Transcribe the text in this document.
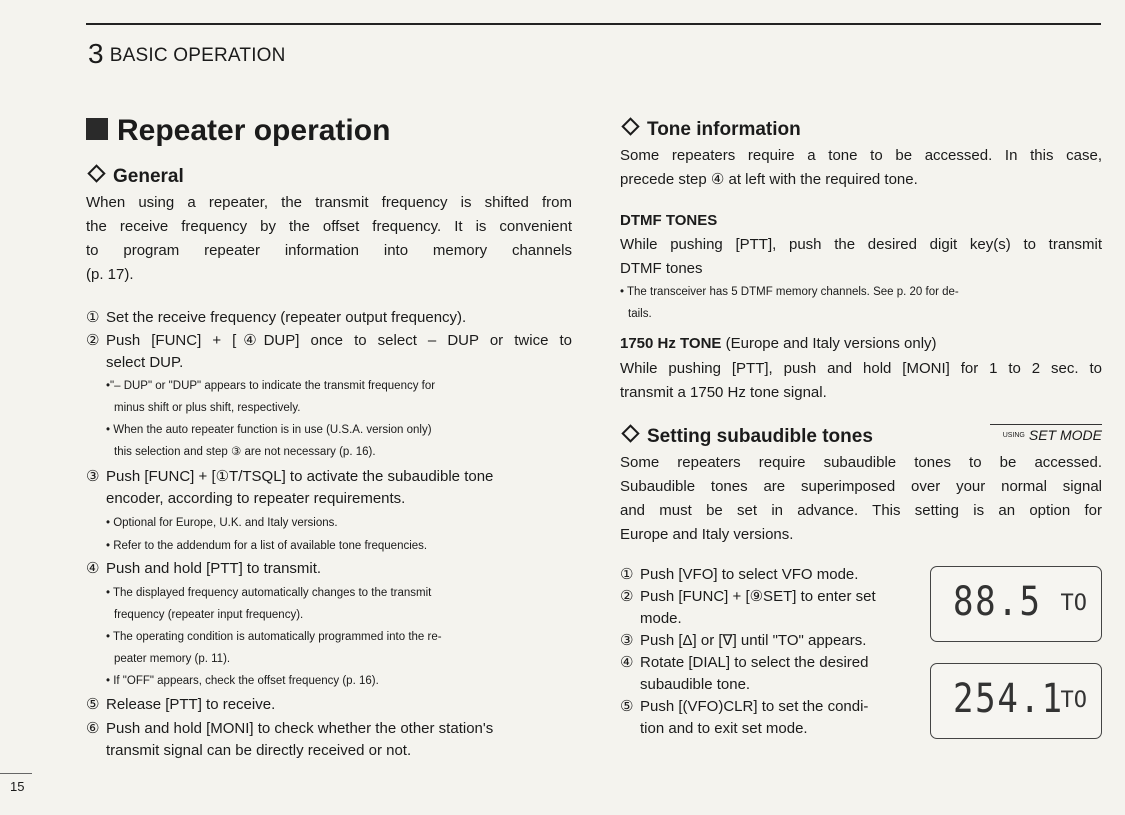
3 BASIC OPERATION
Repeater operation
General
When using a repeater, the transmit frequency is shifted from
the receive frequency by the offset frequency. It is convenient
to program repeater information into memory channels
(p. 17).
① Set the receive frequency (repeater output frequency).
② Push [FUNC] + [④DUP] once to select – DUP or twice to
select DUP.
•"– DUP" or "DUP" appears to indicate the transmit frequency for
minus shift or plus shift, respectively.
• When the auto repeater function is in use (U.S.A. version only)
this selection and step ③ are not necessary (p. 16).
③ Push [FUNC] + [①T/TSQL] to activate the subaudible tone
encoder, according to repeater requirements.
• Optional for Europe, U.K. and Italy versions.
• Refer to the addendum for a list of available tone frequencies.
④ Push and hold [PTT] to transmit.
• The displayed frequency automatically changes to the transmit
frequency (repeater input frequency).
• The operating condition is automatically programmed into the re-
peater memory (p. 11).
• If "OFF" appears, check the offset frequency (p. 16).
⑤ Release [PTT] to receive.
⑥ Push and hold [MONI] to check whether the other station's
transmit signal can be directly received or not.
Tone information
Some repeaters require a tone to be accessed. In this case,
precede step ④ at left with the required tone.
DTMF TONES
While pushing [PTT], push the desired digit key(s) to transmit
DTMF tones
• The transceiver has 5 DTMF memory channels. See p. 20 for de-
tails.
1750 Hz TONE (Europe and Italy versions only)
While pushing [PTT], push and hold [MONI] for 1 to 2 sec. to
transmit a 1750 Hz tone signal.
Setting subaudible tones	$^{USING}$ SET MODE
Some repeaters require subaudible tones to be accessed.
Subaudible tones are superimposed over your normal signal
and must be set in advance. This setting is an option for
Europe and Italy versions.
① Push [VFO] to select VFO mode.
② Push [FUNC] + [⑨SET] to enter set
mode.
③ Push [Δ] or [∇] until "TO" appears.
④ Rotate [DIAL] to select the desired
subaudible tone.
⑤ Push [(VFO)CLR] to set the condi-
tion and to exit set mode.
88.5 TO
254.1
TO
15
